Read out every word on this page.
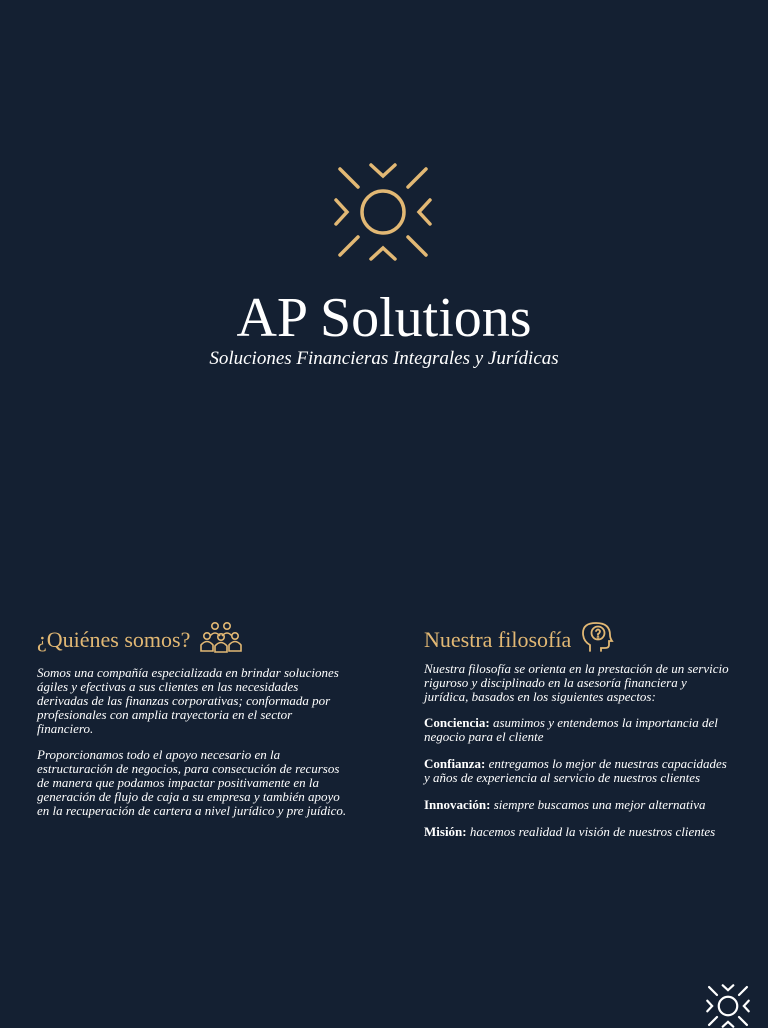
AP Solutions

Soluciones Financieras Integrales y Jurídicas

¿Quiénes somos?

Somos una compañía especializada en brindar soluciones ágiles y efectivas a sus clientes en las necesidades derivadas de las finanzas corporativas; conformada por profesionales con amplia trayectoria en el sector financiero.

Proporcionamos todo el apoyo necesario en la estructuración de negocios, para consecución de recursos de manera que podamos impactar positivamente en la generación de flujo de caja a su empresa y también apoyo en la recuperación de cartera a nivel jurídico y pre juídico.

Nuestra filosofía

Nuestra filosofía se orienta en la prestación de un servicio riguroso y disciplinado en la asesoría financiera y jurídica, basados en los siguientes aspectos:

Conciencia: asumimos y entendemos la importancia del negocio para el cliente

Confianza: entregamos lo mejor de nuestras capacidades y años de experiencia al servicio de nuestros clientes

Innovación: siempre buscamos una mejor alternativa

Misión: hacemos realidad la visión de nuestros clientes
